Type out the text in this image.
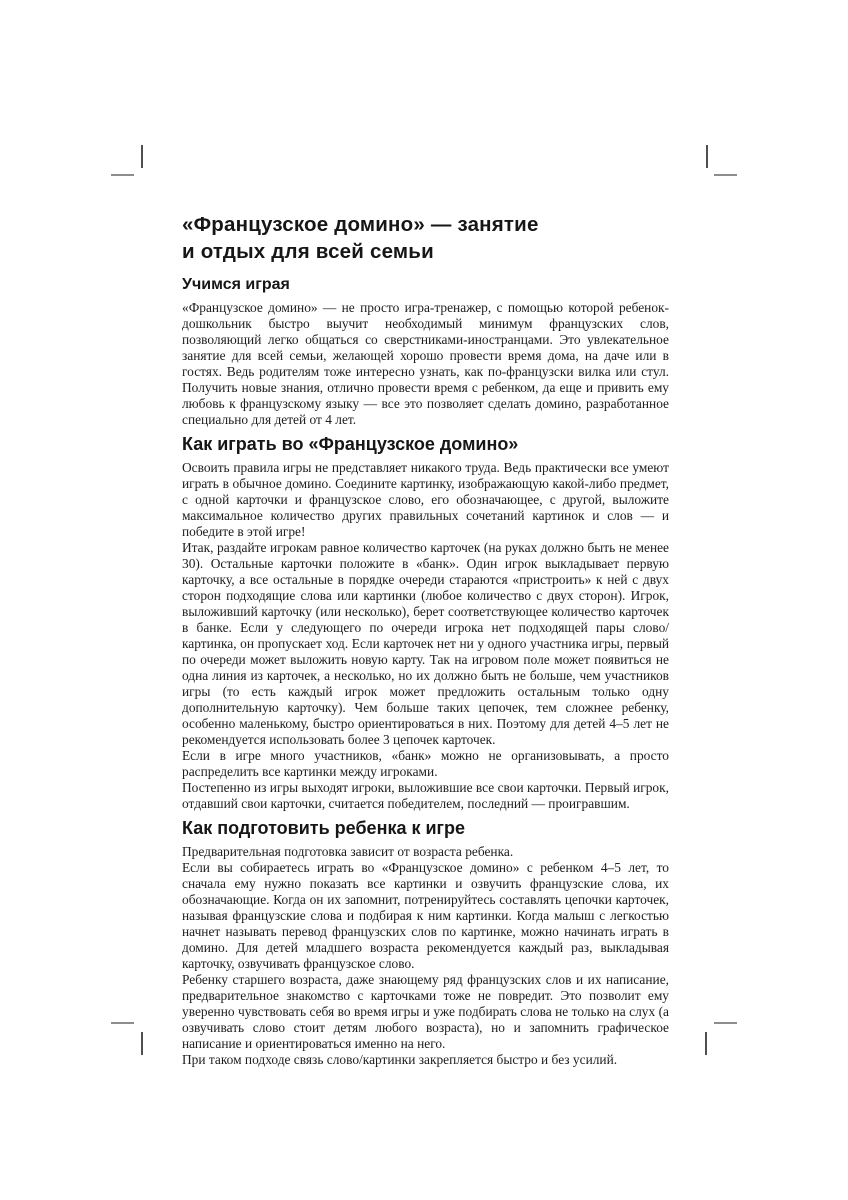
«Французское домино» — занятие
и отдых для всей семьи
Учимся играя

«Французское домино» — не просто игра-тренажер, с помощью которой ребенок-дошкольник быстро выучит необходимый минимум французских слов, позволяющий легко общаться со сверстниками-иностранцами. Это увлекательное занятие для всей семьи, желающей хорошо провести время дома, на даче или в гостях. Ведь родителям тоже интересно узнать, как по-французски вилка или стул. Получить новые знания, отлично провести время с ребенком, да еще и привить ему любовь к французскому языку — все это позволяет сделать домино, разработанное специально для детей от 4 лет.

Как играть во «Французское домино»

Освоить правила игры не представляет никакого труда. Ведь практически все умеют играть в обычное домино. Соедините картинку, изображающую какой-либо предмет, с одной карточки и французское слово, его обозначающее, с другой, выложите максимальное количество других правильных сочетаний картинок и слов — и победите в этой игре!

Итак, раздайте игрокам равное количество карточек (на руках должно быть не менее 30). Остальные карточки положите в «банк». Один игрок выкладывает первую карточку, а все остальные в порядке очереди стараются «пристроить» к ней с двух сторон подходящие слова или картинки (любое количество с двух сторон). Игрок, выложивший карточку (или несколько), берет соответствующее количество карточек в банке. Если у следующего по очереди игрока нет подходящей пары слово/картинка, он пропускает ход. Если карточек нет ни у одного участника игры, первый по очереди может выложить новую карту. Так на игровом поле может появиться не одна линия из карточек, а несколько, но их должно быть не больше, чем участников игры (то есть каждый игрок может предложить остальным только одну дополнительную карточку). Чем больше таких цепочек, тем сложнее ребенку, особенно маленькому, быстро ориентироваться в них. Поэтому для детей 4–5 лет не рекомендуется использовать более 3 цепочек карточек.

Если в игре много участников, «банк» можно не организовывать, а просто распределить все картинки между игроками.

Постепенно из игры выходят игроки, выложившие все свои карточки. Первый игрок, отдавший свои карточки, считается победителем, последний — проигравшим.

Как подготовить ребенка к игре

Предварительная подготовка зависит от возраста ребенка.

Если вы собираетесь играть во «Французское домино» с ребенком 4–5 лет, то сначала ему нужно показать все картинки и озвучить французские слова, их обозначающие. Когда он их запомнит, потренируйтесь составлять цепочки карточек, называя французские слова и подбирая к ним картинки. Когда малыш с легкостью начнет называть перевод французских слов по картинке, можно начинать играть в домино. Для детей младшего возраста рекомендуется каждый раз, выкладывая карточку, озвучивать французское слово.

Ребенку старшего возраста, даже знающему ряд французских слов и их написание, предварительное знакомство с карточками тоже не повредит. Это позволит ему уверенно чувствовать себя во время игры и уже подбирать слова не только на слух (а озвучивать слово стоит детям любого возраста), но и запомнить графическое написание и ориентироваться именно на него.

При таком подходе связь слово/картинки закрепляется быстро и без усилий.
